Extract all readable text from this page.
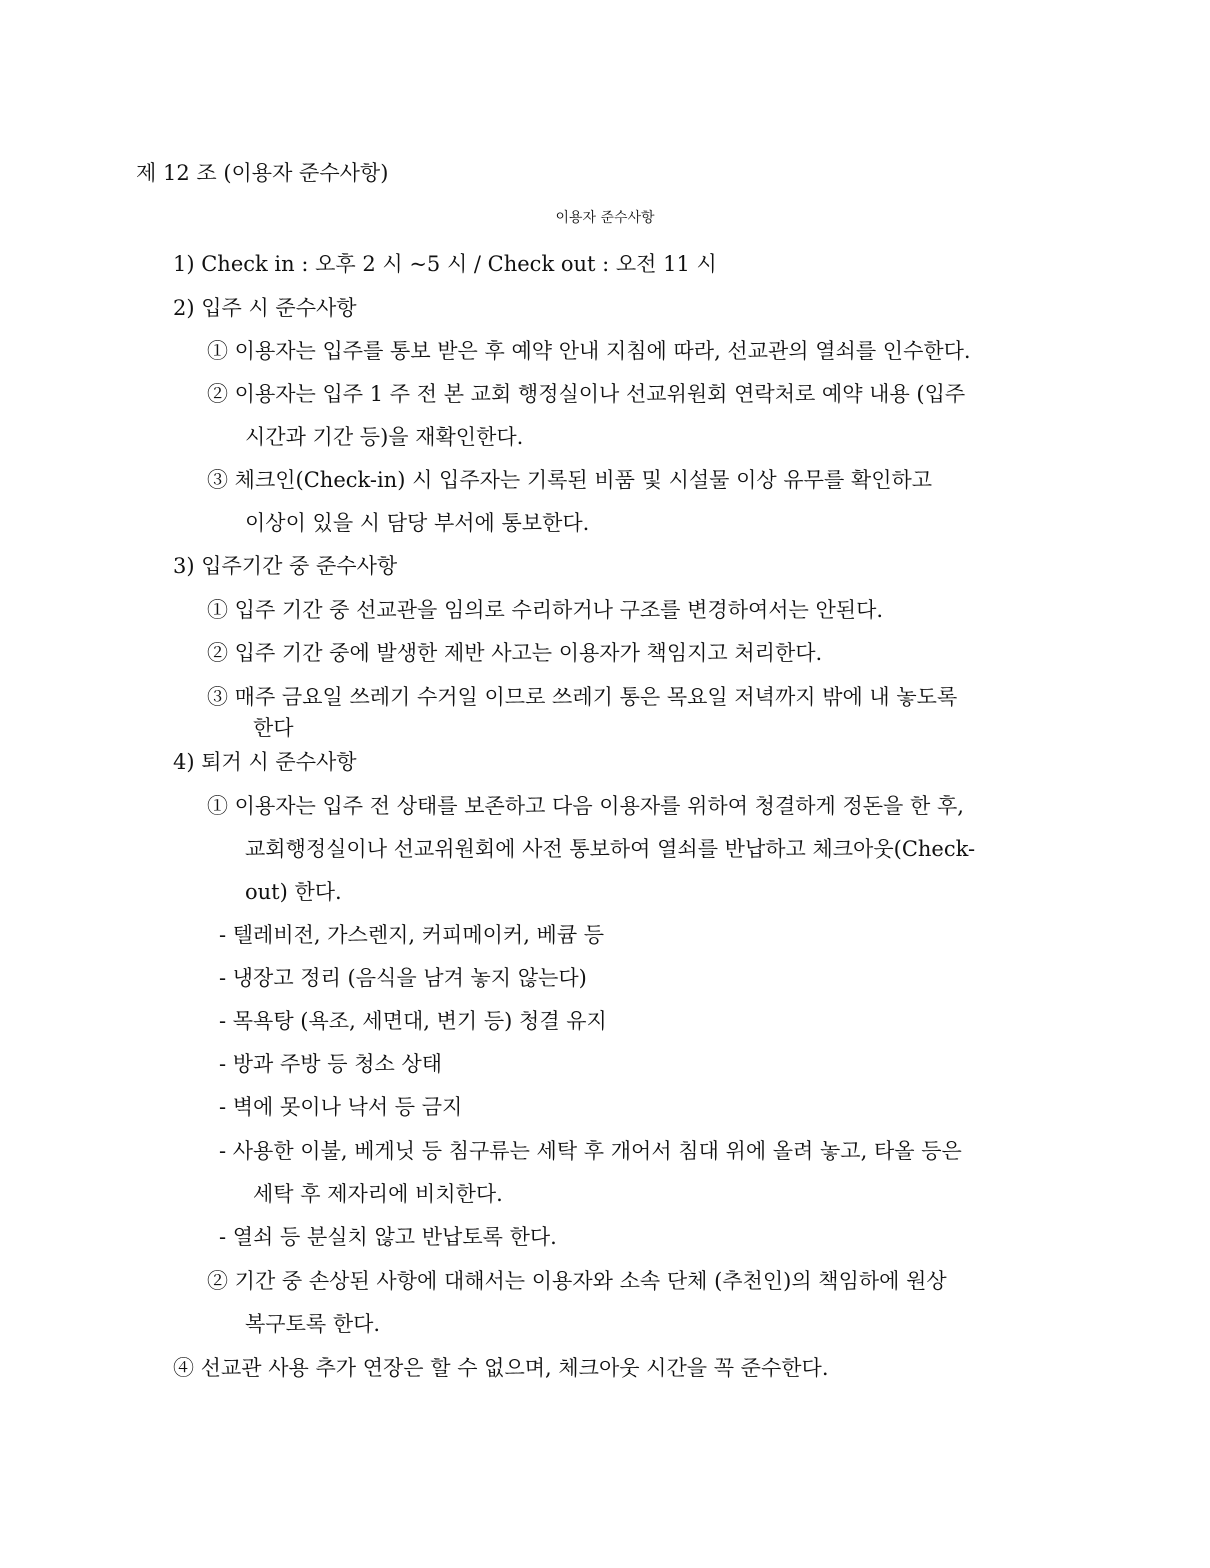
제 12 조 (이용자 준수사항)
이용자 준수사항
1) Check in : 오후 2 시 ~5 시 / Check out : 오전 11 시
2) 입주 시 준수사항
① 이용자는 입주를 통보 받은 후 예약 안내 지침에 따라, 선교관의 열쇠를 인수한다.
② 이용자는 입주 1 주 전 본 교회 행정실이나 선교위원회 연락처로 예약 내용 (입주
시간과 기간 등)을 재확인한다.
③ 체크인(Check-in) 시 입주자는 기록된 비품 및 시설물 이상 유무를 확인하고
이상이 있을 시 담당 부서에 통보한다.
3) 입주기간 중 준수사항
① 입주 기간 중 선교관을 임의로 수리하거나 구조를 변경하여서는 안된다.
② 입주 기간 중에 발생한 제반 사고는 이용자가 책임지고 처리한다.
③ 매주 금요일 쓰레기 수거일 이므로 쓰레기 통은 목요일 저녁까지 밖에 내 놓도록
한다
4) 퇴거 시 준수사항
① 이용자는 입주 전 상태를 보존하고 다음 이용자를 위하여 청결하게 정돈을 한 후,
교회행정실이나 선교위원회에 사전 통보하여 열쇠를 반납하고 체크아웃(Check-
out) 한다.
- 텔레비전, 가스렌지, 커피메이커, 베큠 등
- 냉장고 정리 (음식을 남겨 놓지 않는다)
- 목욕탕 (욕조, 세면대, 변기 등) 청결 유지
- 방과 주방 등 청소 상태
- 벽에 못이나 낙서 등 금지
- 사용한 이불, 베게닛 등 침구류는 세탁 후 개어서 침대 위에 올려 놓고, 타올 등은
세탁 후 제자리에 비치한다.
- 열쇠 등 분실치 않고 반납토록 한다.
② 기간 중 손상된 사항에 대해서는 이용자와 소속 단체 (추천인)의 책임하에 원상
복구토록 한다.
④ 선교관 사용 추가 연장은 할 수 없으며, 체크아웃 시간을 꼭 준수한다.
